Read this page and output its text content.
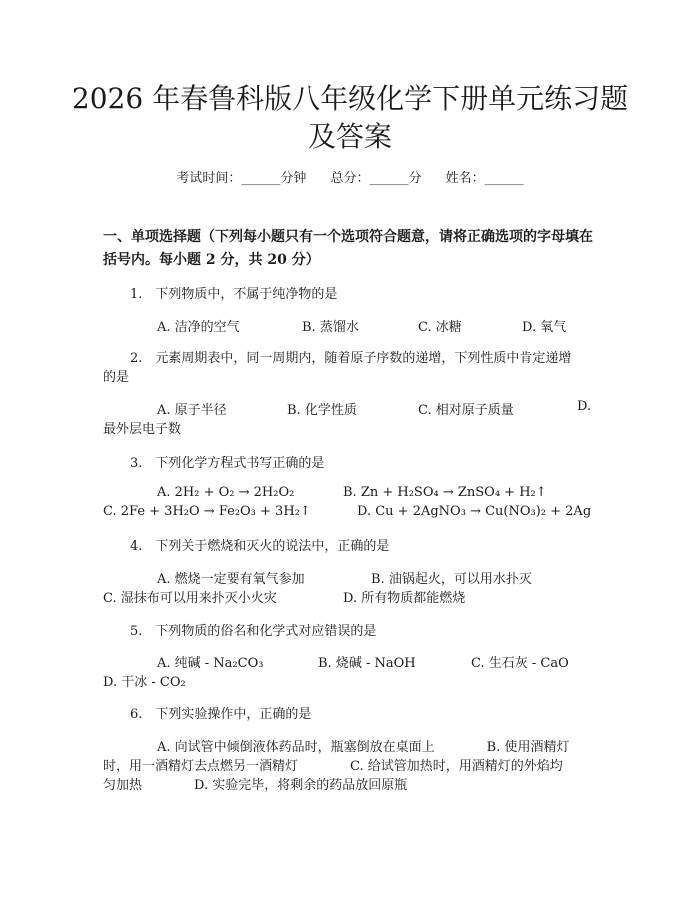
2026 年春鲁科版八年级化学下册单元练习题
及答案
考试时间：______分钟 总分：______分 姓名：______
一、单项选择题（下列每小题只有一个选项符合题意，请将正确选项的字母填在括号内。每小题 2 分，共 20 分）
1.　下列物质中，不属于纯净物的是
A. 洁净的空气	B. 蒸馏水	C. 冰糖	D. 氧气
2.　元素周期表中，同一周期内，随着原子序数的递增，下列性质中肯定递增
的是
A. 原子半径	B. 化学性质	C. 相对原子质量	D.
最外层电子数
3.　下列化学方程式书写正确的是
A. 2H₂ + O₂ → 2H₂O₂	B. Zn + H₂SO₄ → ZnSO₄ + H₂↑
C. 2Fe + 3H₂O → Fe₂O₃ + 3H₂↑	D. Cu + 2AgNO₃ → Cu(NO₃)₂ + 2Ag
4.　下列关于燃烧和灭火的说法中，正确的是
A. 燃烧一定要有氧气参加	B. 油锅起火，可以用水扑灭
C. 湿抹布可以用来扑灭小火灾	D. 所有物质都能燃烧
5.　下列物质的俗名和化学式对应错误的是
A. 纯碱 - Na₂CO₃	B. 烧碱 - NaOH	C. 生石灰 - CaO
D. 干冰 - CO₂
6.　下列实验操作中，正确的是
A. 向试管中倾倒液体药品时，瓶塞倒放在桌面上　　　　B. 使用酒精灯
时，用一酒精灯去点燃另一酒精灯　　　　C. 给试管加热时，用酒精灯的外焰均
匀加热　　　　D. 实验完毕，将剩余的药品放回原瓶
